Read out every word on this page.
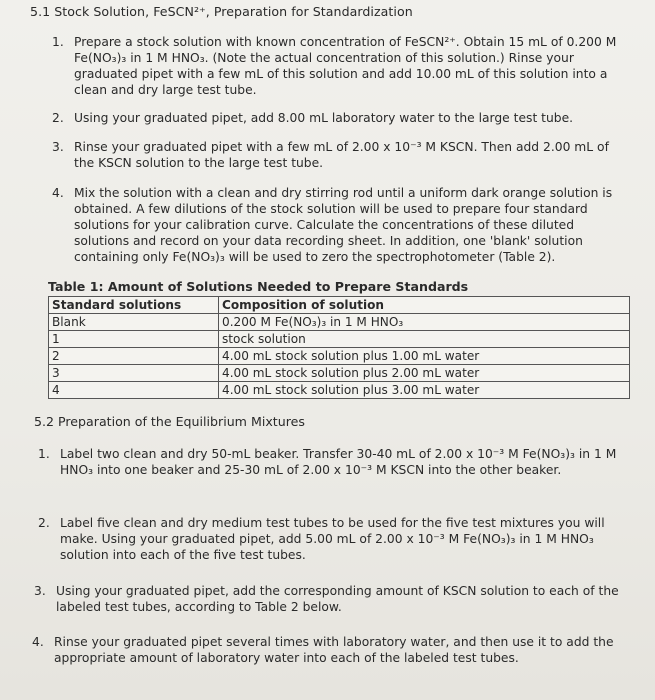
5.1 Stock Solution, FeSCN²⁺, Preparation for Standardization
1. Prepare a stock solution with known concentration of FeSCN²⁺. Obtain 15 mL of 0.200 M Fe(NO₃)₃ in 1 M HNO₃. (Note the actual concentration of this solution.) Rinse your graduated pipet with a few mL of this solution and add 10.00 mL of this solution into a clean and dry large test tube.

2. Using your graduated pipet, add 8.00 mL laboratory water to the large test tube.

3. Rinse your graduated pipet with a few mL of 2.00 x 10⁻³ M KSCN. Then add 2.00 mL of the KSCN solution to the large test tube.

4. Mix the solution with a clean and dry stirring rod until a uniform dark orange solution is obtained. A few dilutions of the stock solution will be used to prepare four standard solutions for your calibration curve. Calculate the concentrations of these diluted solutions and record on your data recording sheet. In addition, one 'blank' solution containing only Fe(NO₃)₃ will be used to zero the spectrophotometer (Table 2).

Table 1: Amount of Solutions Needed to Prepare Standards
Standard solutions	Composition of solution
Blank	0.200 M Fe(NO₃)₃ in 1 M HNO₃
1	stock solution
2	4.00 mL stock solution plus 1.00 mL water
3	4.00 mL stock solution plus 2.00 mL water
4	4.00 mL stock solution plus 3.00 mL water
5.2 Preparation of the Equilibrium Mixtures
1. Label two clean and dry 50-mL beaker. Transfer 30-40 mL of 2.00 x 10⁻³ M Fe(NO₃)₃ in 1 M HNO₃ into one beaker and 25-30 mL of 2.00 x 10⁻³ M KSCN into the other beaker.

2. Label five clean and dry medium test tubes to be used for the five test mixtures you will make. Using your graduated pipet, add 5.00 mL of 2.00 x 10⁻³ M Fe(NO₃)₃ in 1 M HNO₃ solution into each of the five test tubes.

3. Using your graduated pipet, add the corresponding amount of KSCN solution to each of the labeled test tubes, according to Table 2 below.

4. Rinse your graduated pipet several times with laboratory water, and then use it to add the appropriate amount of laboratory water into each of the labeled test tubes.
